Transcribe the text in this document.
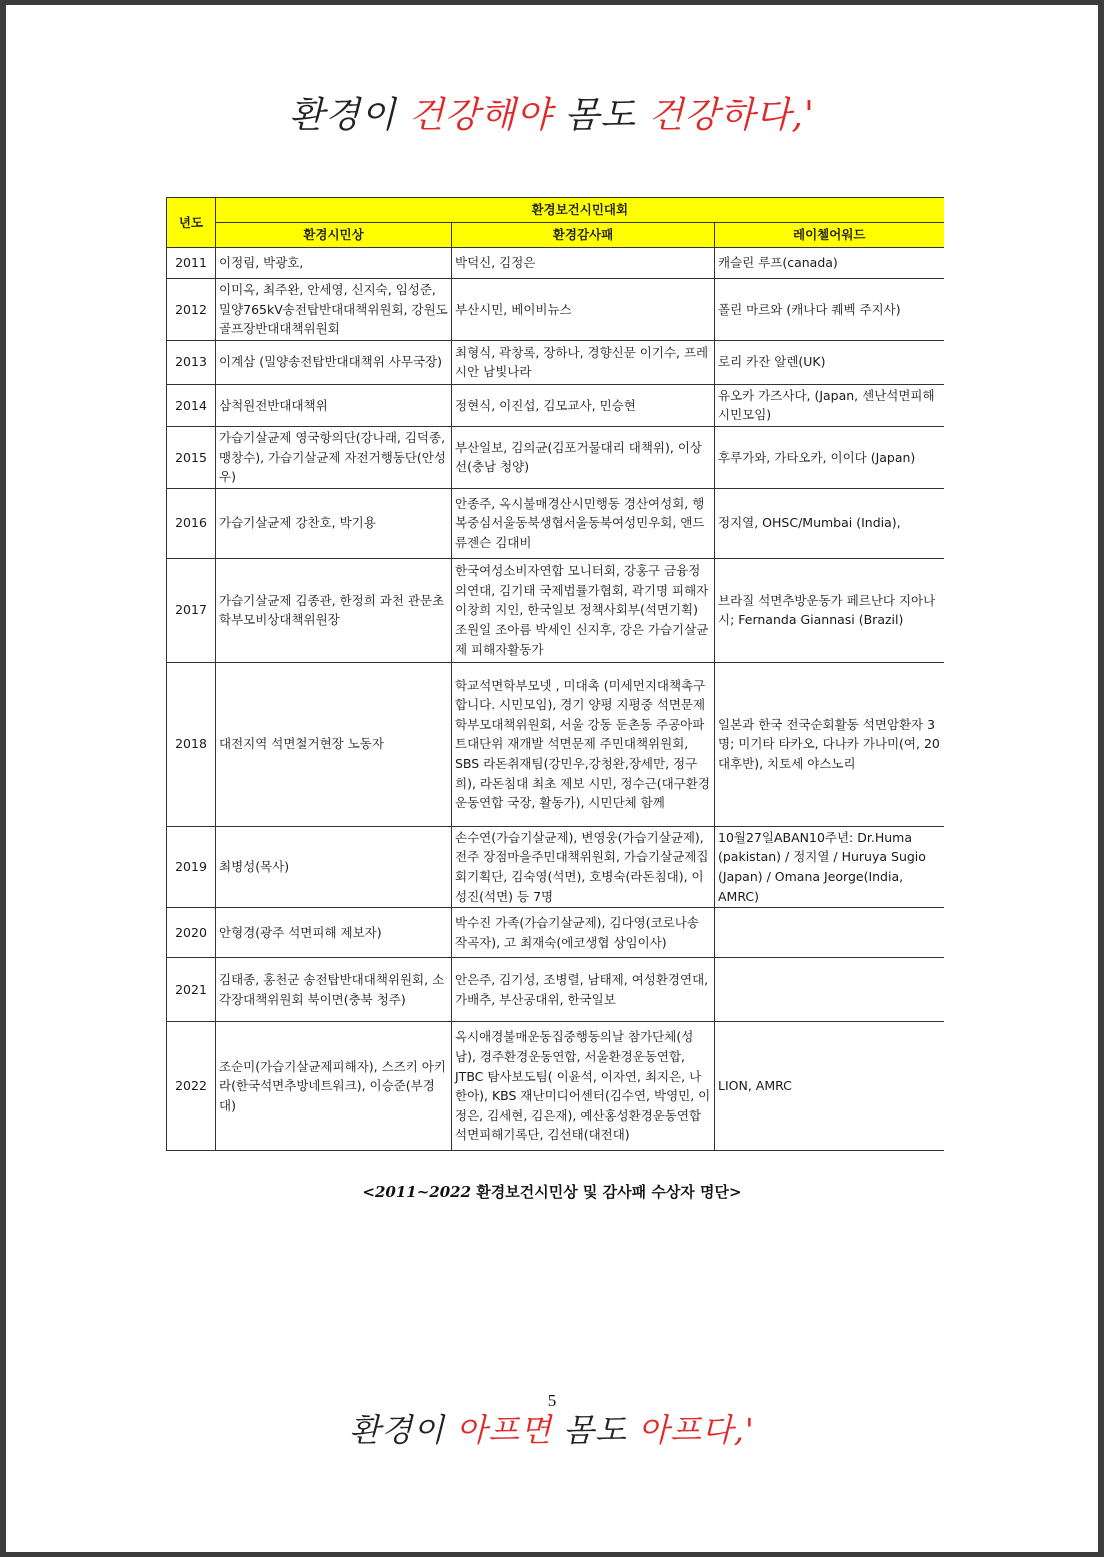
환경이 건강해야 몸도 건강하다,'
년도	환경보건시민대회		
	환경시민상	환경감사패	레이첼어워드
2011	이정림, 박광호,	박덕신, 김정은	캐슬린 루프(canada)
2012	이미옥, 최주완, 안세영, 신지숙, 임성준, 밀양765kV송전탑반대대책위원회, 강원도골프장반대대책위원회	부산시민, 베이비뉴스	폴린 마르와 (캐나다 퀘벡 주지사)
2013	이계삼 (밀양송전탑반대대책위 사무국장)	최형식, 곽창록, 장하나, 경향신문 이기수, 프레시안 남빛나라	로리 카잔 알렌(UK)
2014	삼척원전반대대책위	정현식, 이진섭, 김모교사, 민승현	유오카 가즈사다, (Japan, 센난석면피해시민모임)
2015	가습기살균제 영국항의단(강나래, 김덕종, 맹창수), 가습기살균제 자전거행동단(안성우)	부산일보, 김의균(김포거물대리 대책위), 이상선(충남 청양)	후루가와, 가타오카, 이이다 (Japan)
2016	가습기살균제 강찬호, 박기용	안종주, 옥시불매경산시민행동 경산여성회, 행복중심서울동북생협서울동북여성민우회, 앤드류젠슨 김대비	정지열, OHSC/Mumbai (India),
2017	가습기살균제 김종관, 한정희 과천 관문초 학부모비상대책위원장	한국여성소비자연합 모니터회, 강홍구 금융정의연대, 김기태 국제법률가협회, 곽기명 피해자 이창희 지인, 한국일보 정책사회부(석면기획) 조원일 조아름 박세인 신지후, 강은 가습기살균제 피해자활동가	브라질 석면추방운동가 페르난다 지아나시; Fernanda Giannasi (Brazil)
2018	대전지역 석면철거현장 노동자	학교석면학부모넷 , 미대촉 (미세먼지대책촉구합니다. 시민모임), 경기 양평 지평중 석면문제 학부모대책위원회, 서울 강동 둔촌동 주공아파트대단위 재개발 석면문제 주민대책위원회, SBS 라돈취재팀(강민우,강청완,장세만, 정구희), 라돈침대 최초 제보 시민, 정수근(대구환경운동연합 국장, 활동가), 시민단체 함께	일본과 한국 전국순회활동 석면암환자 3명; 미기타 타카오, 다나카 가나미(여, 20대후반), 치토세 야스노리
2019	최병성(목사)	손수연(가습기살균제), 변영웅(가습기살균제), 전주 장점마을주민대책위원회, 가습기살균제집회기획단, 김숙영(석면), 호병숙(라돈침대), 이성진(석면) 등 7명	10월27일ABAN10주년: Dr.Huma (pakistan) / 정지열 / Huruya Sugio (Japan) / Omana Jeorge(India, AMRC)
2020	안형경(광주 석면피해 제보자)	박수진 가족(가습기살균제), 김다영(코로나송 작곡자), 고 최재숙(에코생협 상임이사)	
2021	김태종, 홍천군 송전탑반대대책위원회, 소각장대책위원회 북이면(충북 청주)	안은주, 김기성, 조병렬, 남태제, 여성환경연대, 가배추, 부산공대위, 한국일보	
2022	조순미(가습기살균제피해자), 스즈키 아키라(한국석면추방네트워크), 이승준(부경대)	옥시애경불매운동집중행동의날 참가단체(성남), 경주환경운동연합, 서울환경운동연합, JTBC 탐사보도팀( 이윤석, 이자연, 최지은, 나한아), KBS 재난미디어센터(김수연, 박영민, 이정은, 김세현, 김은재), 예산홍성환경운동연합 석면피해기록단, 김선태(대전대)	LION, AMRC
<2011~2022 환경보건시민상 및 감사패 수상자 명단>
5
환경이 아프면 몸도 아프다,'
